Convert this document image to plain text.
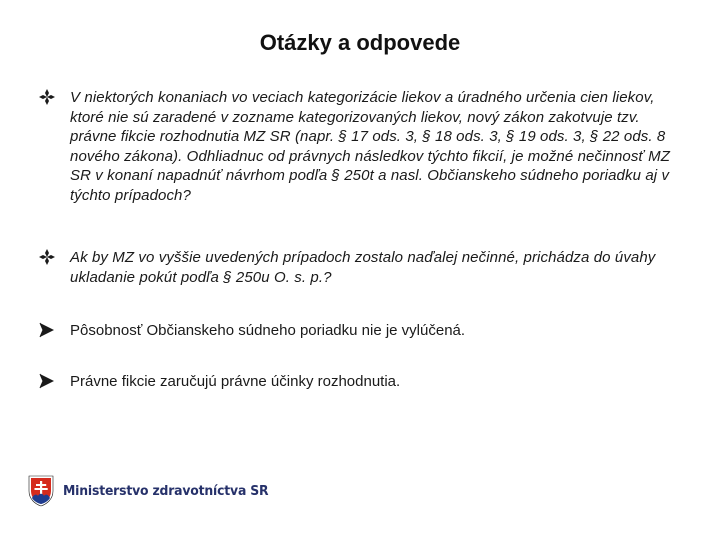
Otázky a odpovede
V niektorých konaniach vo veciach kategorizácie liekov a úradného určenia cien liekov, ktoré nie sú zaradené v zozname kategorizovaných liekov, nový zákon zakotvuje tzv. právne fikcie rozhodnutia MZ SR (napr. § 17 ods. 3, § 18 ods. 3, § 19 ods. 3, § 22 ods. 8 nového zákona). Odhliadnuc od právnych následkov týchto fikcií, je možné nečinnosť MZ SR v konaní napadnúť návrhom podľa § 250t a nasl. Občianskeho súdneho poriadku aj v týchto prípadoch?
Ak by MZ vo vyššie uvedených prípadoch zostalo naďalej nečinné, prichádza do úvahy ukladanie pokút podľa § 250u O. s. p.?
Pôsobnosť Občianskeho súdneho poriadku nie je vylúčená.
Právne fikcie zaručujú právne účinky rozhodnutia.
Ministerstvo zdravotníctva SR
